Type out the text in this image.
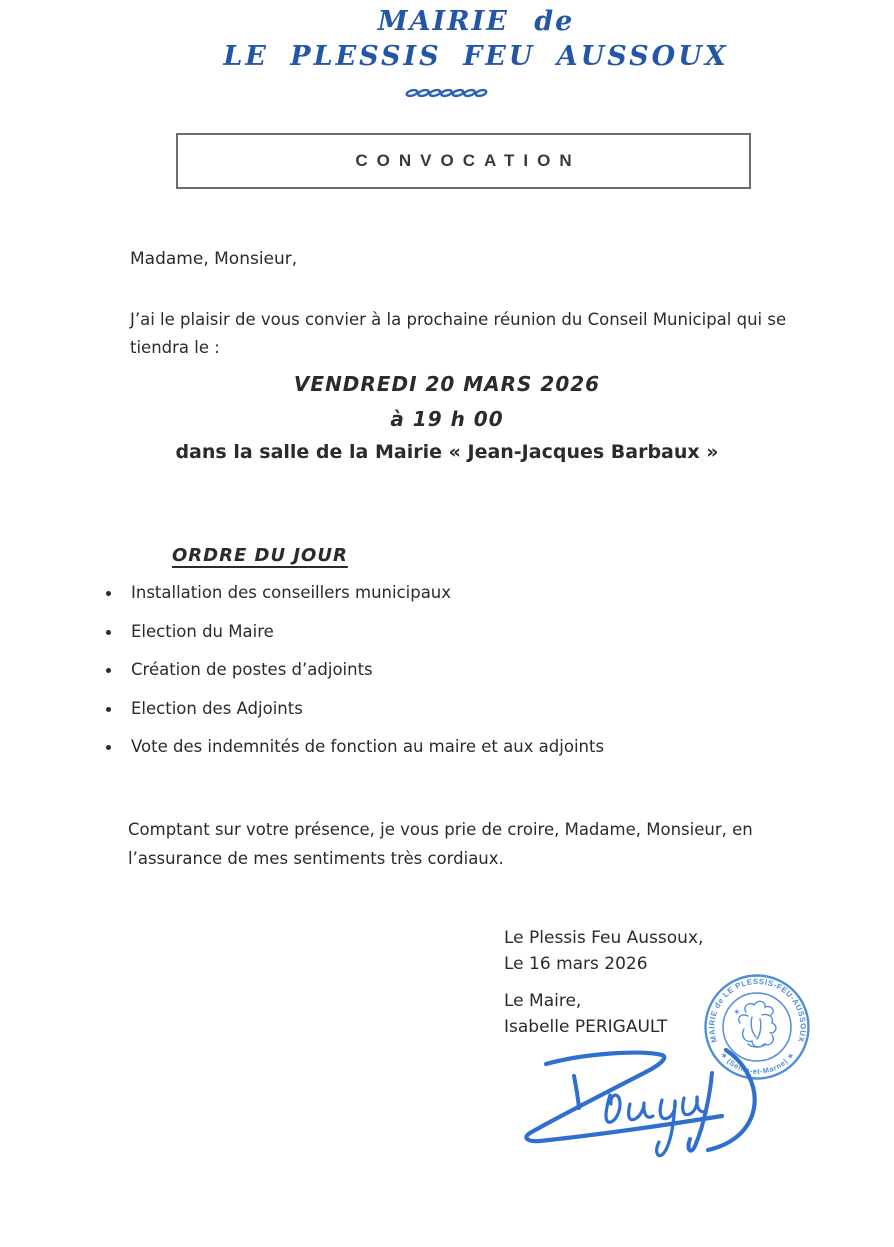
MAIRIE de
LE PLESSIS FEU AUSSOUX
CONVOCATION
Madame, Monsieur,
J’ai le plaisir de vous convier à la prochaine réunion du Conseil Municipal qui se
tiendra le :
VENDREDI 20 MARS 2026
à 19 h 00
dans la salle de la Mairie « Jean-Jacques Barbaux »
ORDRE DU JOUR
Installation des conseillers municipaux
Election du Maire
Création de postes d’adjoints
Election des Adjoints
Vote des indemnités de fonction au maire et aux adjoints
Comptant sur votre présence, je vous prie de croire, Madame, Monsieur, en
l’assurance de mes sentiments très cordiaux.
Le Plessis Feu Aussoux,
Le 16 mars 2026
Le Maire,
Isabelle PERIGAULT
MAIRIE de LE PLESSIS-FEU-AUSSOUX
✶ (Seine-et-Marne) ✶
✶
